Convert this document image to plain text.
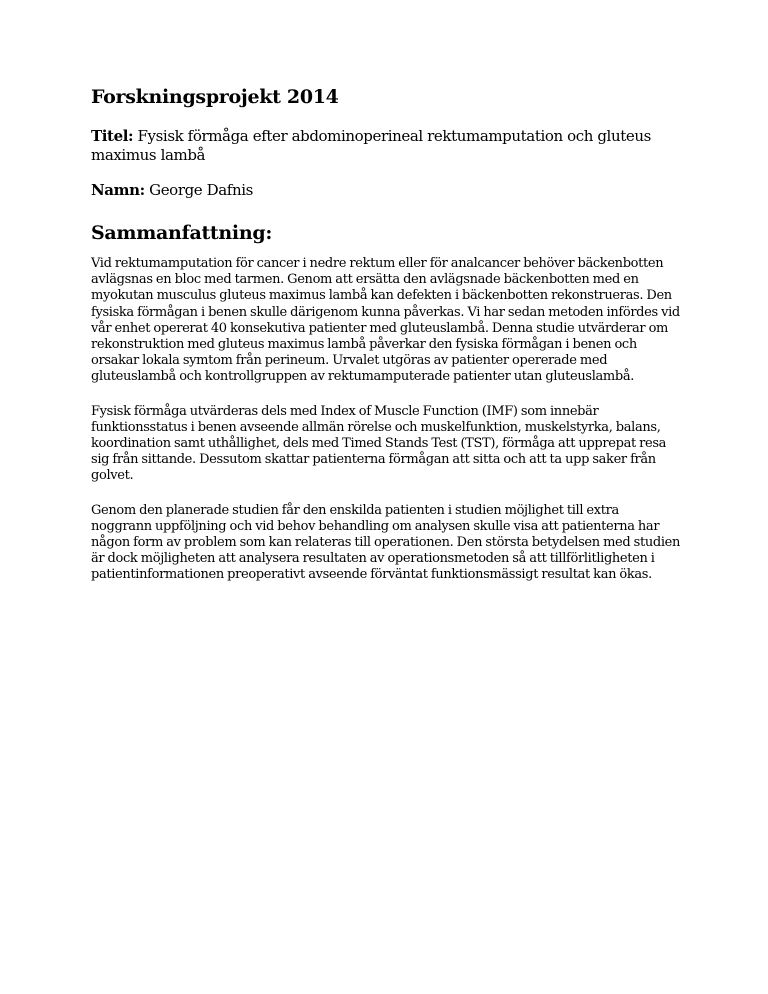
Forskningsprojekt 2014
Titel: Fysisk förmåga efter abdominoperineal rektumamputation och gluteus maximus lambå
Namn: George Dafnis
Sammanfattning:

Vid rektumamputation för cancer i nedre rektum eller för analcancer behöver bäckenbotten avlägsnas en bloc med tarmen. Genom att ersätta den avlägsnade bäckenbotten med en myokutan musculus gluteus maximus lambå kan defekten i bäckenbotten rekonstrueras. Den fysiska förmågan i benen skulle därigenom kunna påverkas. Vi har sedan metoden infördes vid vår enhet opererat 40 konsekutiva patienter med gluteuslambå. Denna studie utvärderar om rekonstruktion med gluteus maximus lambå påverkar den fysiska förmågan i benen och orsakar lokala symtom från perineum. Urvalet utgöras av patienter opererade med gluteuslambå och kontrollgruppen av rektumamputerade patienter utan gluteuslambå.

Fysisk förmåga utvärderas dels med Index of Muscle Function (IMF) som innebär funktionsstatus i benen avseende allmän rörelse och muskelfunktion, muskelstyrka, balans, koordination samt uthållighet, dels med Timed Stands Test (TST), förmåga att upprepat resa sig från sittande. Dessutom skattar patienterna förmågan att sitta och att ta upp saker från golvet.

Genom den planerade studien får den enskilda patienten i studien möjlighet till extra noggrann uppföljning och vid behov behandling om analysen skulle visa att patienterna har någon form av problem som kan relateras till operationen. Den största betydelsen med studien är dock möjligheten att analysera resultaten av operationsmetoden så att tillförlitligheten i patientinformationen preoperativt avseende förväntat funktionsmässigt resultat kan ökas.
